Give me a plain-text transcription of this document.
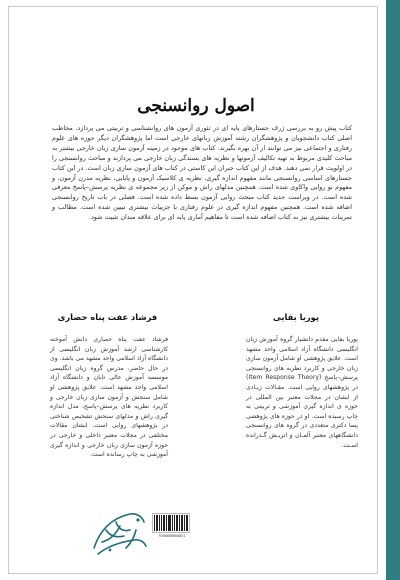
اصول روانسنجی

کتاب پیش رو به بررسی ژرف جستارهای پایه ای در تئوری آزمون های روانشناسی و تربیتی می پردازد. مخاطب اصلی کتاب دانشجویان و پژوهشگران رشته آموزش زبانهای خارجی است اما پژوهشگران دیگر حوزه های علوم رفتاری و اجتماعی نیز می توانند از آن بهره بگیرند. کتاب های موجود در زمینه آزمون سازی زبان خارجی بیشتر به مباحث کلیدی مربوط به تهیه تکالیف آزمونها و نظریه های بسندگی زبان خارجی می پردازند و مباحث روانسنجی را در اولویت قرار نمی دهند. هدف از این کتاب جبران این کاستی در کتاب های آزمون سازی زبان است. در این کتاب جستارهای اساسی روانسنجی مانند مفهوم اندازه گیری، نظریه ی کلاسیک آزمون و پایایی، نظریه مدرن آزمون، و مفهوم نو روایی واکاوی شده است. همچنین مدلهای راش و موکن از زیر مجموعه ی نظریه پرسش–پاسخ معرفی شده است. در ویراست جدید کتاب مبحث روایی آزمون بسط داده شده است. فصلی در باب تاریخ روانسنجی اضافه شده است. همچنین مفهوم اندازه گیری در علوم رفتاری با جزییات بیشتری تبیین شده است. مطالب و تمرینات بیشتری نیز به کتاب اضافه شده است تا مفاهیم آماری پایه ای برای علاقه مندان تثبیت شود.

پوریا بقایی
فرشاد عفت پناه حصاری

پوریا بقایی مقدم دانشیار گروه آموزش زبان انگلیسی دانشگاه آزاد اسلامی واحد مشهد است. علایق پژوهشی او شامل آزمون سازی زبان خارجی و کاربرد نظریه های روانسنجی پرسش–پاسخ (Item Response Theory) در پژوهشهای روایی است. مقـالات زیـادی از ایشان در مجلات معتبر بین المللی در حوزه ی اندازه گیری آموزشی و تربیتی به چاپ رسیده است. او در حوزه های پژوهشی پسا دکتری متعددی در گروه های روانسنجی دانشگاههای معتبر آلمـان و اتریـش گـذرانده اسـت.

فرشاد عفت پناه حصاری دانش آموخته کارشناسی ارشد آموزش زبان انگلیسی از دانشگاه آزاد اسلامی واحد مشهد می باشد. وی در حال حاضر، مدرس گروه زبان انگلیسی موسسه آموزش عالی تابان و دانشگاه آزاد اسلامی واحد مشهد است. علایق پژوهشی او شامل سنجش و آزمون سازی زبان خارجی و کاربرد نظریه های پرسش–پاسخ، مدل اندازه گیری راش و مدلهای سنجش تشخیص شناختی در پژوهشهای روایی است. ایشان مقالات مختلفی در مجلات معتبر داخلی و خارجی در حوزه آزمون سازی زبان خارجی و اندازه گیری آموزشی به چاپ رسانده است.

9786008960851
